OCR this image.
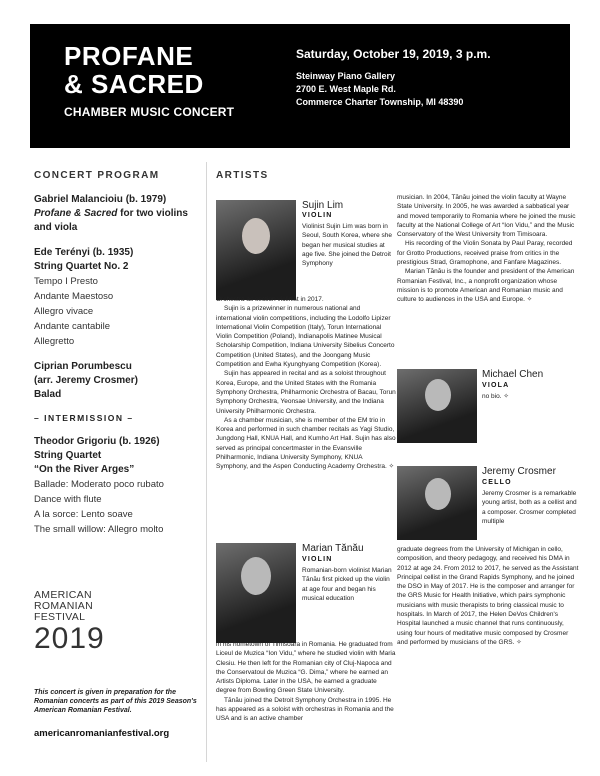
PROFANE
& SACRED
CHAMBER MUSIC CONCERT
Saturday, October 19, 2019, 3 p.m.
Steinway Piano Gallery
2700 E. West Maple Rd.
Commerce Charter Township, MI 48390
CONCERT PROGRAM
Gabriel Malancioiu (b. 1979)
Profane & Sacred for two violins and viola
Ede Terényi (b. 1935)
String Quartet No. 2
Tempo I Presto
Andante Maestoso
Allegro vivace
Andante cantabile
Allegretto
Ciprian Porumbescu
(arr. Jeremy Crosmer)
Balad
– INTERMISSION –
Theodor Grigoriu (b. 1926)
String Quartet
“On the River Arges”
Ballade: Moderato poco rubato
Dance with flute
A la sorce: Lento soave
The small willow: Allegro molto
AMERICAN
ROMANIAN
FESTIVAL
2019
This concert is given in preparation for the Romanian concerts as part of this 2019 Season's American Romanian Festival.
americanromanianfestival.org
ARTISTS
Sujin Lim
VIOLIN
Violinist Sujin Lim was born in Seoul, South Korea, where she began her musical studies at age five. She joined the Detroit Symphony

Orchestra as section violinist in 2017.

Sujin is a prizewinner in numerous national and international violin competitions, including the Lodolfo Lipizer International Violin Competition (Italy), Torun International Violin Competition (Poland), Indianapolis Matinee Musical Scholarship Competition, Indiana University Sibelius Concerto Competition (United States), and the Joongang Music Competition and Ewha Kyunghyang Competition (Korea).

Sujin has appeared in recital and as a soloist throughout Korea, Europe, and the United States with the Romania Symphony Orchestra, Philharmonic Orchestra of Bacau, Torun Symphony Orchestra, Yeonsae University, and the Indiana University Philharmonic Orchestra.

As a chamber musician, she is member of the EM trio in Korea and performed in such chamber recitals as Yagi Studio, Jungdong Hall, KNUA Hall, and Kumho Art Hall. Sujin has also served as principal concertmaster in the Evansville Philharmonic, Indiana University Symphony, KNUA Symphony, and the Aspen Conducting Academy Orchestra. ✧

Marian Tănău
VIOLIN
Romanian-born violinist Marian Tănău first picked up the violin at age four and began his musical education

in his hometown of Timisoara in Romania. He graduated from Liceul de Muzica “Ion Vidu,” where he studied violin with Maria Clesiu. He then left for the Romanian city of Cluj-Napoca and the Conservatoul de Muzica “G. Dima,” where he earned an Artists Diploma. Later in the USA, he earned a graduate degree from Bowling Green State University.

Tănău joined the Detroit Symphony Orchestra in 1995. He has appeared as a soloist with orchestras in Romania and the USA and is an active chamber

musician. In 2004, Tănău joined the violin faculty at Wayne State University. In 2005, he was awarded a sabbatical year and moved temporarily to Romania where he joined the music faculty at the National College of Art “Ion Vidu,” and the Music Conservatory of the West University from Timisoara.

His recording of the Violin Sonata by Paul Paray, recorded for Grotto Productions, received praise from critics in the prestigious Strad, Gramophone, and Fanfare Magazines.

Marian Tănău is the founder and president of the American Romanian Festival, Inc., a nonprofit organization whose mission is to promote American and Romanian music and culture to audiences in the USA and Europe. ✧

Michael Chen
VIOLA
no bio. ✧
Jeremy Crosmer
CELLO
Jeremy Crosmer is a remarkable young artist, both as a cellist and a composer. Crosmer completed multiple
graduate degrees from the University of Michigan in cello, composition, and theory pedagogy, and received his DMA in 2012 at age 24. From 2012 to 2017, he served as the Assistant Principal cellist in the Grand Rapids Symphony, and he joined the DSO in May of 2017. He is the composer and arranger for the GRS Music for Health Initiative, which pairs symphonic musicians with music therapists to bring classical music to hospitals. In March of 2017, the Helen DeVos Children's Hospital launched a music channel that runs continuously, using four hours of meditative music composed by Crosmer and performed by musicians of the GRS. ✧
